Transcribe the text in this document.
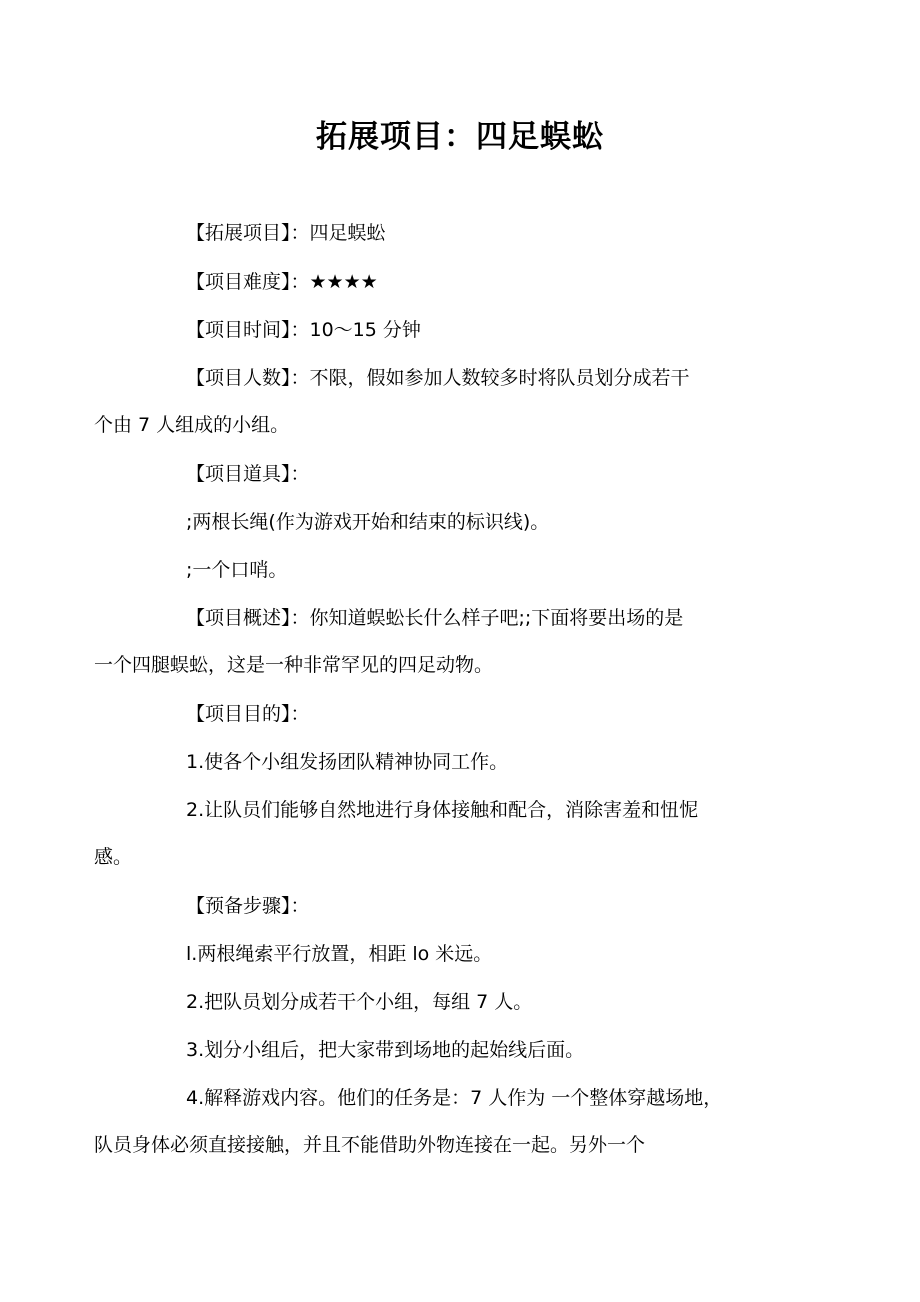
拓展项目：四足蜈蚣
【拓展项目】：四足蜈蚣
【项目难度】：★★★★
【项目时间】：10～15 分钟
【项目人数】：不限，假如参加人数较多时将队员划分成若干
个由 7 人组成的小组。
【项目道具】：
;两根长绳(作为游戏开始和结束的标识线)。
;一个口哨。
【项目概述】：你知道蜈蚣长什么样子吧;;下面将要出场的是
一个四腿蜈蚣，这是一种非常罕见的四足动物。
【项目目的】：
1.使各个小组发扬团队精神协同工作。
2.让队员们能够自然地进行身体接触和配合，消除害羞和忸怩
感。
【预备步骤】：
l.两根绳索平行放置，相距 lo 米远。
2.把队员划分成若干个小组，每组 7 人。
3.划分小组后，把大家带到场地的起始线后面。
4.解释游戏内容。他们的任务是：7 人作为 一个整体穿越场地，
队员身体必须直接接触，并且不能借助外物连接在一起。另外一个
